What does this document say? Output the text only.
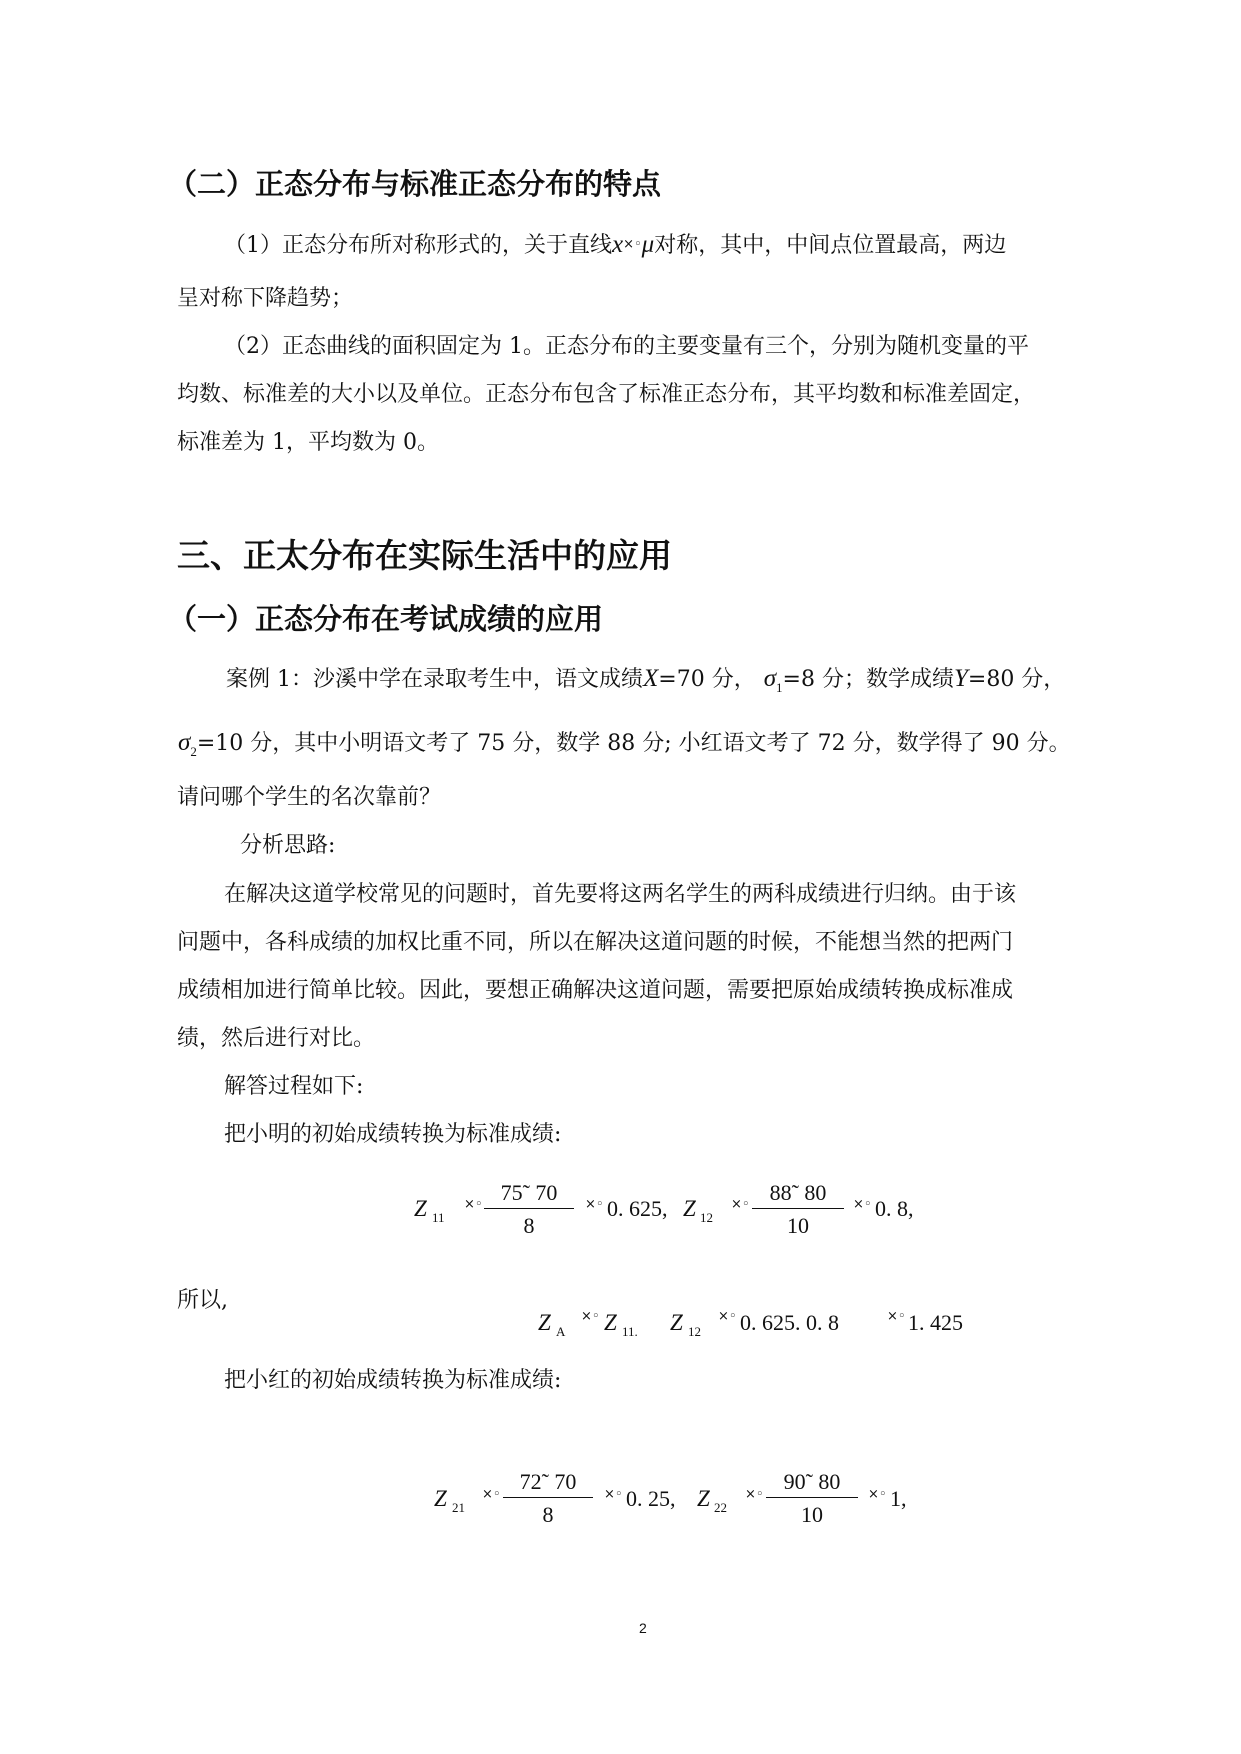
（二）正态分布与标准正态分布的特点
（1）正态分布所对称形式的，关于直线x×◦μ对称，其中，中间点位置最高，两边
呈对称下降趋势；
（2）正态曲线的面积固定为 1。正态分布的主要变量有三个，分别为随机变量的平
均数、标准差的大小以及单位。正态分布包含了标准正态分布，其平均数和标准差固定，
标准差为 1，平均数为 0。
三、正太分布在实际生活中的应用
（一）正态分布在考试成绩的应用
案例 1：沙溪中学在录取考生中，语文成绩X=70 分， $\sigma_1=8$ 分；数学成绩Y=80 分，
$\sigma_2=10$ 分，其中小明语文考了 75 分，数学 88 分; 小红语文考了 72 分，数学得了 90 分。
请问哪个学生的名次靠前？
分析思路:
在解决这道学校常见的问题时，首先要将这两名学生的两科成绩进行归纳。由于该
问题中，各科成绩的加权比重不同，所以在解决这道问题的时候，不能想当然的把两门
成绩相加进行简单比较。因此，要想正确解决这道问题，需要把原始成绩转换成标准成
绩，然后进行对比。
解答过程如下:
把小明的初始成绩转换为标准成绩:
Z 11
×◦ $\frac{75˜ 70}{8}$ ×◦ 0. 625, Z 12
×◦ $\frac{88˜ 80}{10}$ ×◦ 0. 8,
所以,
Z A
×◦ Z 11. Z 12
×◦ 0. 625. 0. 8	×◦ 1. 425
把小红的初始成绩转换为标准成绩:
Z 21
×◦ $\frac{72˜ 70}{8}$ ×◦ 0. 25, Z 22
×◦ $\frac{90˜ 80}{10}$ ×◦ 1,
2
